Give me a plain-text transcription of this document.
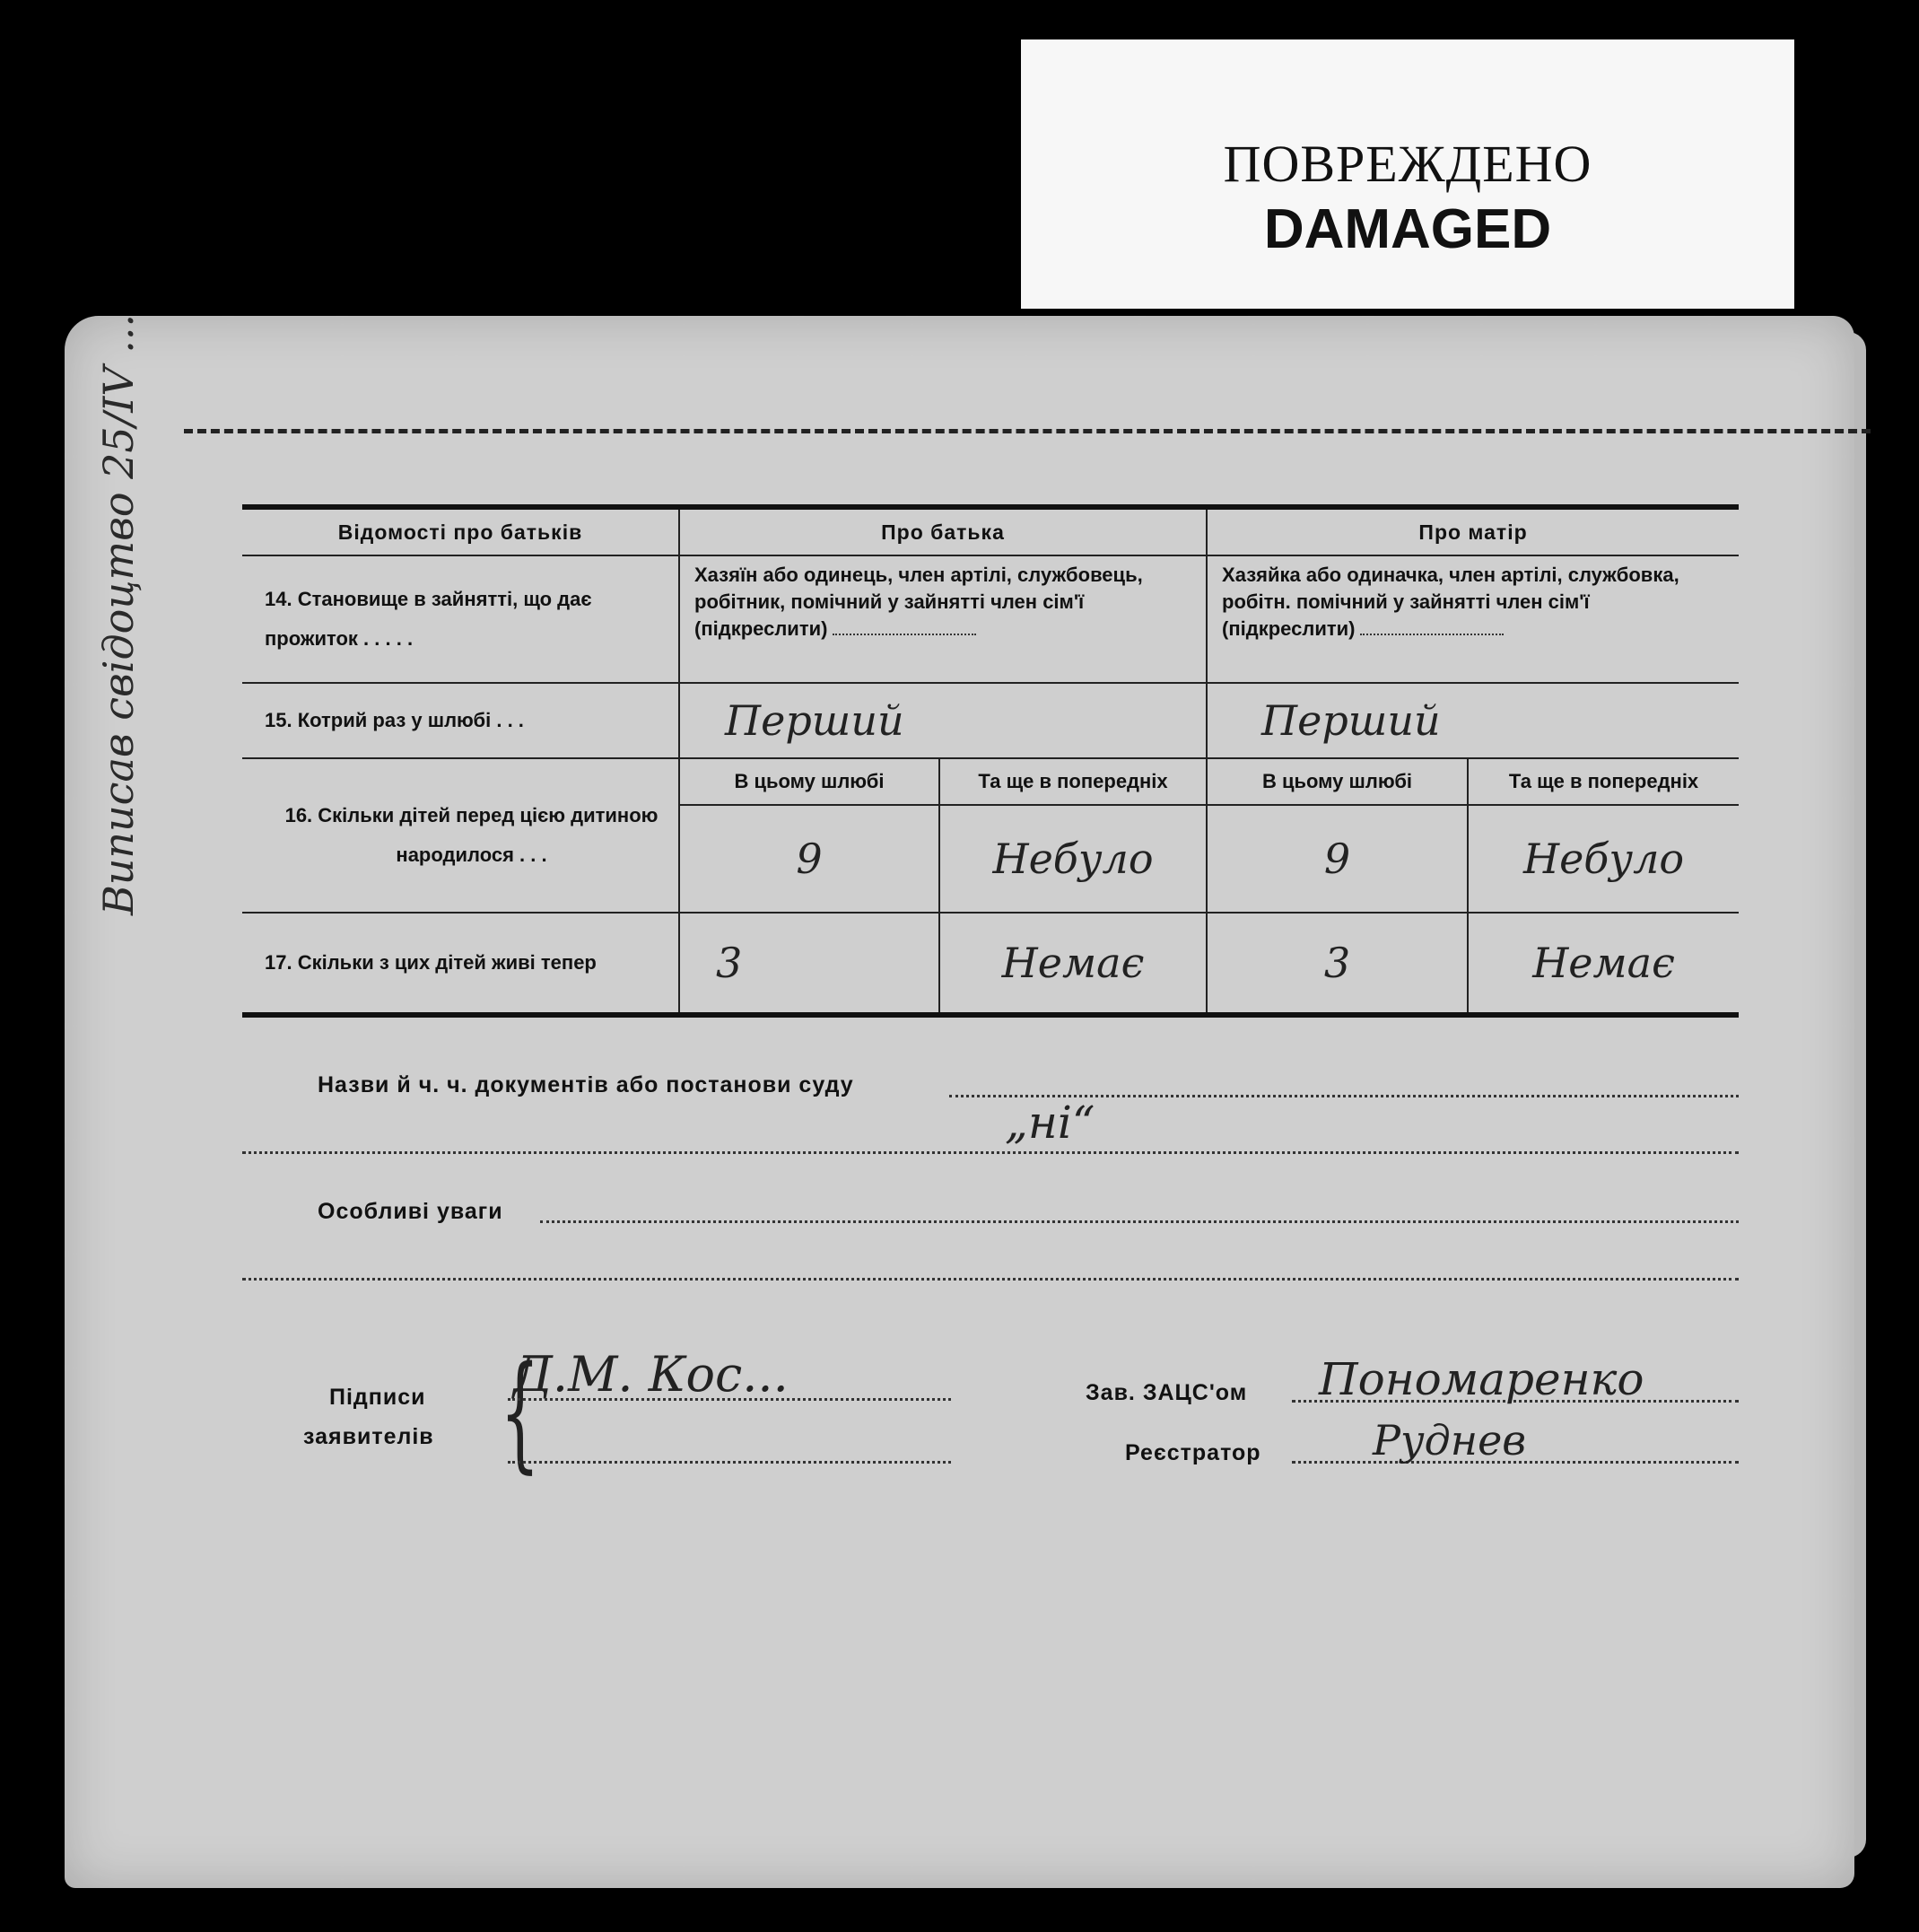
ПОВРЕЖДЕНО
DAMAGED
Виписав свідоцтво 25/IV ...	Відомості про батьків	Про батька		Про матір	
14. Становище в зайнятті, що дає прожиток . . . . .	Хазяїн або одинець, член артілі, службовець, робітник, помічний у зайнятті член сім'ї (підкреслити)		Хазяйка або одиначка, член артілі, службовка, робітн. помічний у зайнятті член сім'ї (підкреслити)	
15. Котрий раз у шлюбі . . .	Перший		Перший	
16. Скільки дітей перед цією дитиною народилося . . .	В цьому шлюбі	Та ще в попередніх	В цьому шлюбі	Та ще в попередніх
	9	Небуло	9	Небуло
17. Скільки з цих дітей живі тепер	3	Немає	3	Немає
Назви й ч. ч. документів або постанови суду
„ні“
Особливі уваги
Підписи
заявителів {
Д.М. Кос...	Зав. ЗАЦС'ом Пономаренко
Реєстратор	Руднев
